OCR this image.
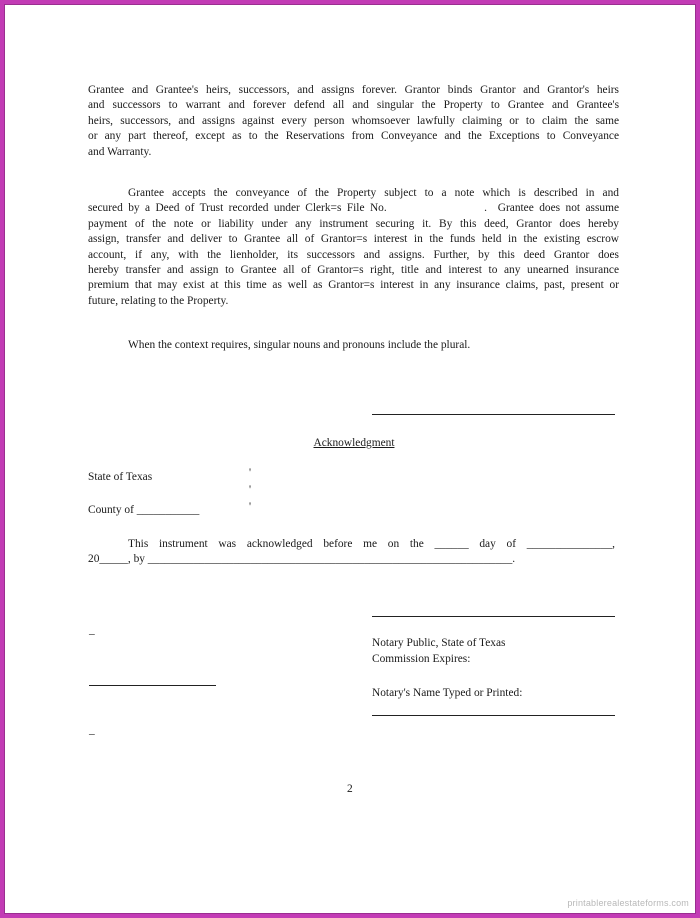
Grantee and Grantee's heirs, successors, and assigns forever. Grantor binds Grantor and Grantor's heirs
and successors to warrant and forever defend all and singular the Property to Grantee and Grantee's
heirs, successors, and assigns against every person whomsoever lawfully claiming or to claim the same
or any part thereof, except as to the Reservations from Conveyance and the Exceptions to Conveyance
and Warranty.
Grantee accepts the conveyance of the Property subject to a note which is described in and
secured by a Deed of Trust recorded under Clerk=s File No.                  .  Grantee does not assume
payment of the note or liability under any instrument securing it. By this deed, Grantor does hereby
assign, transfer and deliver to Grantee all of Grantor=s interest in the funds held in the existing escrow
account, if any, with the lienholder, its successors and assigns. Further, by this deed Grantor does
hereby transfer and assign to Grantee all of Grantor=s right, title and interest to any unearned insurance
premium that may exist at this time as well as Grantor=s interest in any insurance claims, past, present or
future, relating to the Property.
When the context requires, singular nouns and pronouns include the plural.
Acknowledgment
State of Texas	'
'
'
County of ___________
This instrument was acknowledged before me on the ______ day of _______________,
20_____, by ________________________________________________________________.
_
Notary Public, State of Texas
Commission Expires:
Notary's Name Typed or Printed:
_
2
printablerealestateforms.com
